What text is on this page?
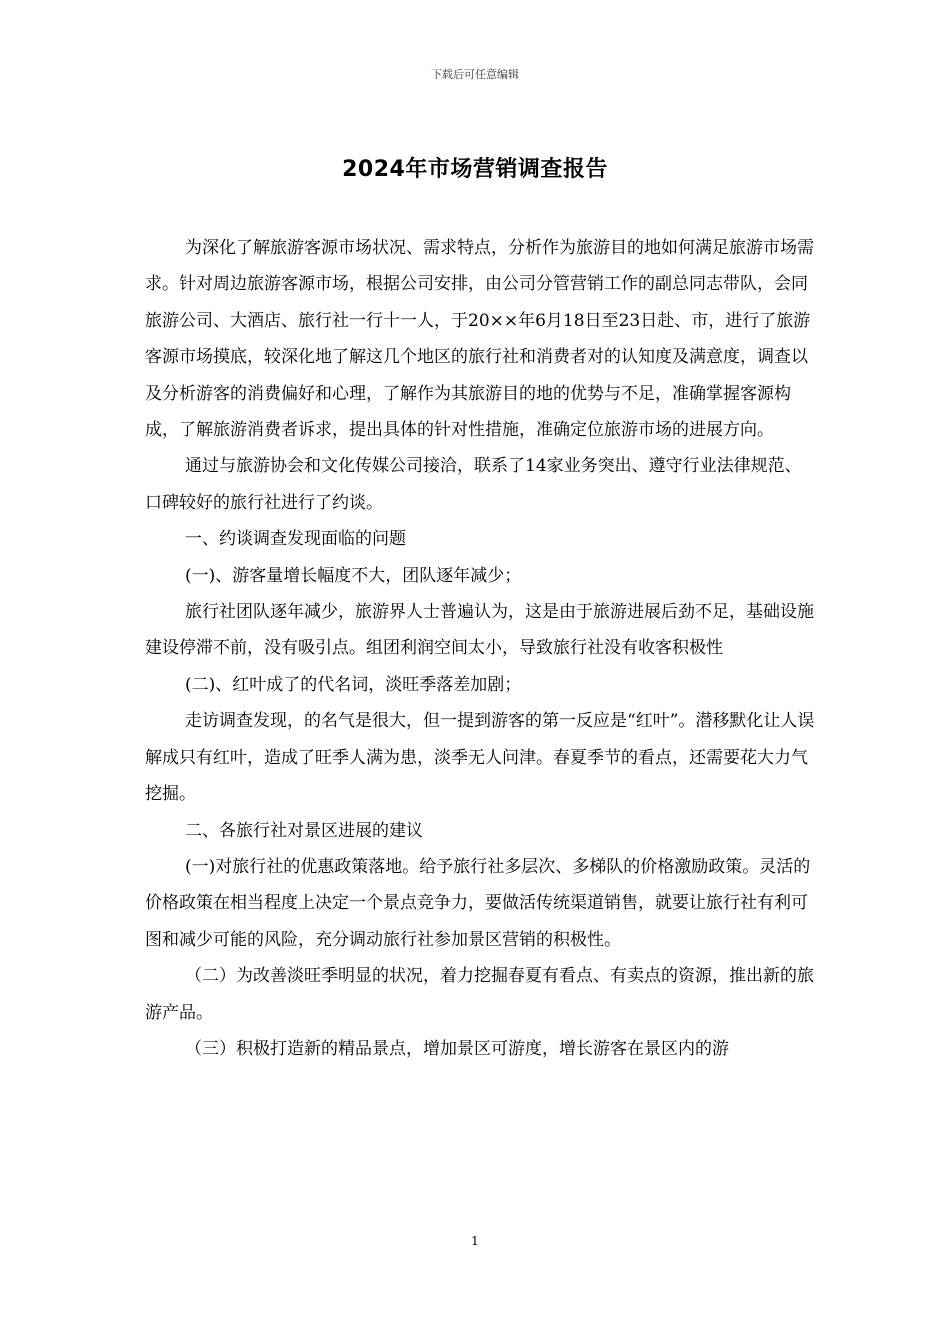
下载后可任意编辑
2024年市场营销调查报告

为深化了解旅游客源市场状况、需求特点，分析作为旅游目的地如何满足旅游市场需求。针对周边旅游客源市场，根据公司安排，由公司分管营销工作的副总同志带队，会同旅游公司、大酒店、旅行社一行十一人，于20××年6月18日至23日赴、市，进行了旅游客源市场摸底，较深化地了解这几个地区的旅行社和消费者对的认知度及满意度，调查以及分析游客的消费偏好和心理，了解作为其旅游目的地的优势与不足，准确掌握客源构成，了解旅游消费者诉求，提出具体的针对性措施，准确定位旅游市场的进展方向。

通过与旅游协会和文化传媒公司接洽，联系了14家业务突出、遵守行业法律规范、口碑较好的旅行社进行了约谈。

一、约谈调查发现面临的问题

(一)、游客量增长幅度不大，团队逐年减少；

旅行社团队逐年减少，旅游界人士普遍认为，这是由于旅游进展后劲不足，基础设施建设停滞不前，没有吸引点。组团利润空间太小，导致旅行社没有收客积极性

(二)、红叶成了的代名词，淡旺季落差加剧；

走访调查发现，的名气是很大，但一提到游客的第一反应是“红叶”。潜移默化让人误解成只有红叶，造成了旺季人满为患，淡季无人问津。春夏季节的看点，还需要花大力气挖掘。

二、各旅行社对景区进展的建议

(一)对旅行社的优惠政策落地。给予旅行社多层次、多梯队的价格激励政策。灵活的价格政策在相当程度上决定一个景点竞争力，要做活传统渠道销售，就要让旅行社有利可图和减少可能的风险，充分调动旅行社参加景区营销的积极性。

（二）为改善淡旺季明显的状况，着力挖掘春夏有看点、有卖点的资源，推出新的旅游产品。

（三）积极打造新的精品景点，增加景区可游度，增长游客在景区内的游

1
